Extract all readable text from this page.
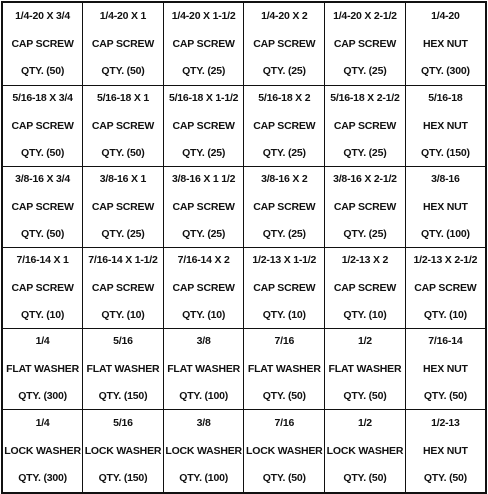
1/4-20 X 3/4
CAP SCREW
QTY. (50)	1/4-20 X 1
CAP SCREW
QTY. (50)	1/4-20 X 1-1/2
CAP SCREW
QTY. (25)	1/4-20 X 2
CAP SCREW
QTY. (25)	1/4-20 X 2-1/2
CAP SCREW
QTY. (25)	1/4-20
HEX NUT
QTY. (300)

5/16-18 X 3/4
CAP SCREW
QTY. (50)	5/16-18 X 1
CAP SCREW
QTY. (50)	5/16-18 X 1-1/2
CAP SCREW
QTY. (25)	5/16-18 X 2
CAP SCREW
QTY. (25)	5/16-18 X 2-1/2
CAP SCREW
QTY. (25)	5/16-18
HEX NUT
QTY. (150)

3/8-16 X 3/4
CAP SCREW
QTY. (50)	3/8-16 X 1
CAP SCREW
QTY. (25)	3/8-16 X 1 1/2
CAP SCREW
QTY. (25)	3/8-16 X 2
CAP SCREW
QTY. (25)	3/8-16 X 2-1/2
CAP SCREW
QTY. (25)	3/8-16
HEX NUT
QTY. (100)

7/16-14 X 1
CAP SCREW
QTY. (10)	7/16-14 X 1-1/2
CAP SCREW
QTY. (10)	7/16-14 X 2
CAP SCREW
QTY. (10)	1/2-13 X 1-1/2
CAP SCREW
QTY. (10)	1/2-13 X 2
CAP SCREW
QTY. (10)	1/2-13 X 2-1/2
CAP SCREW
QTY. (10)

1/4
FLAT WASHER
QTY. (300)	5/16
FLAT WASHER
QTY. (150)	3/8
FLAT WASHER
QTY. (100)	7/16
FLAT WASHER
QTY. (50)	1/2
FLAT WASHER
QTY. (50)	7/16-14
HEX NUT
QTY. (50)

1/4
LOCK WASHER
QTY. (300)	5/16
LOCK WASHER
QTY. (150)	3/8
LOCK WASHER
QTY. (100)	7/16
LOCK WASHER
QTY. (50)	1/2
LOCK WASHER
QTY. (50)	1/2-13
HEX NUT
QTY. (50)
